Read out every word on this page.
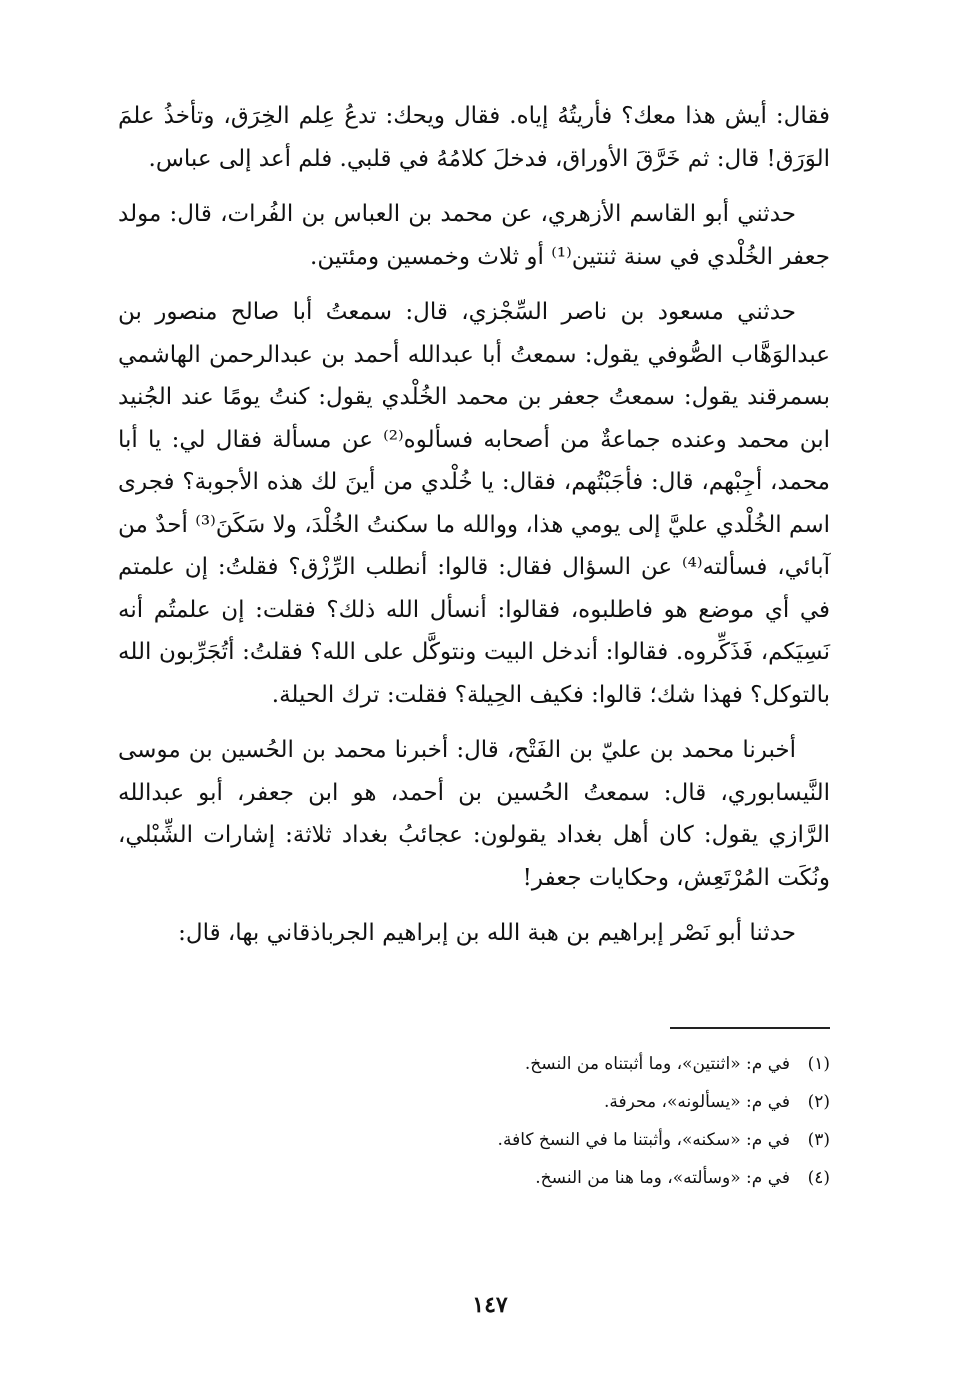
فقال: أيش هذا معك؟ فأريتُهُ إياه. فقال ويحك: تدعُ عِلم الخِرَق، وتأخذُ علمَ الوَرَق! قال: ثم خَرَّقَ الأوراق، فدخلَ كلامُهُ في قلبي. فلم أعد إلى عباس.

حدثني أبو القاسم الأزهري، عن محمد بن العباس بن الفُرات، قال: مولد جعفر الخُلْدي في سنة ثنتين⁽¹⁾ أو ثلاث وخمسين ومئتين.

حدثني مسعود بن ناصر السِّجْزي، قال: سمعتُ أبا صالح منصور بن عبدالوَهَّاب الصُّوفي يقول: سمعتُ أبا عبدالله أحمد بن عبدالرحمن الهاشمي بسمرقند يقول: سمعتُ جعفر بن محمد الخُلْدي يقول: كنتُ يومًا عند الجُنيد ابن محمد وعنده جماعةٌ من أصحابه فسألوه⁽²⁾ عن مسألة فقال لي: يا أبا محمد، أجِبْهم، قال: فأجَبْتُهم، فقال: يا خُلْدي من أينَ لك هذه الأجوبة؟ فجرى اسم الخُلْدي عليَّ إلى يومي هذا، ووالله ما سكنتُ الخُلْدَ، ولا سَكَنَ⁽³⁾ أحدٌ من آبائي، فسألته⁽⁴⁾ عن السؤال فقال: قالوا: أنطلب الرِّزْق؟ فقلتُ: إن علمتم في أي موضع هو فاطلبوه، فقالوا: أنسأل الله ذلك؟ فقلت: إن علمتُم أنه نَسِيَكم، فَذَكِّروه. فقالوا: أندخل البيت ونتوكَّل على الله؟ فقلتُ: أتُجَرِّبون الله بالتوكل؟ فهذا شك؛ قالوا: فكيف الحِيلة؟ فقلت: ترك الحيلة.

أخبرنا محمد بن عليّ بن الفَتْح، قال: أخبرنا محمد بن الحُسين بن موسى النَّيسابوري، قال: سمعتُ الحُسين بن أحمد، هو ابن جعفر، أبو عبدالله الرَّازي يقول: كان أهل بغداد يقولون: عجائبُ بغداد ثلاثة: إشارات الشِّبْلي، ونُكَت المُرْتَعِش، وحكايات جعفر!

حدثنا أبو نَصْر إبراهيم بن هبة الله بن إبراهيم الجرباذقاني بها، قال:

(١)
في م: «اثنتين»، وما أثبتناه من النسخ.
(٢)
في م: «يسألونه»، محرفة.
(٣)
في م: «سكنه»، وأثبتنا ما في النسخ كافة.
(٤)
في م: «وسألته»، وما هنا من النسخ.
١٤٧
